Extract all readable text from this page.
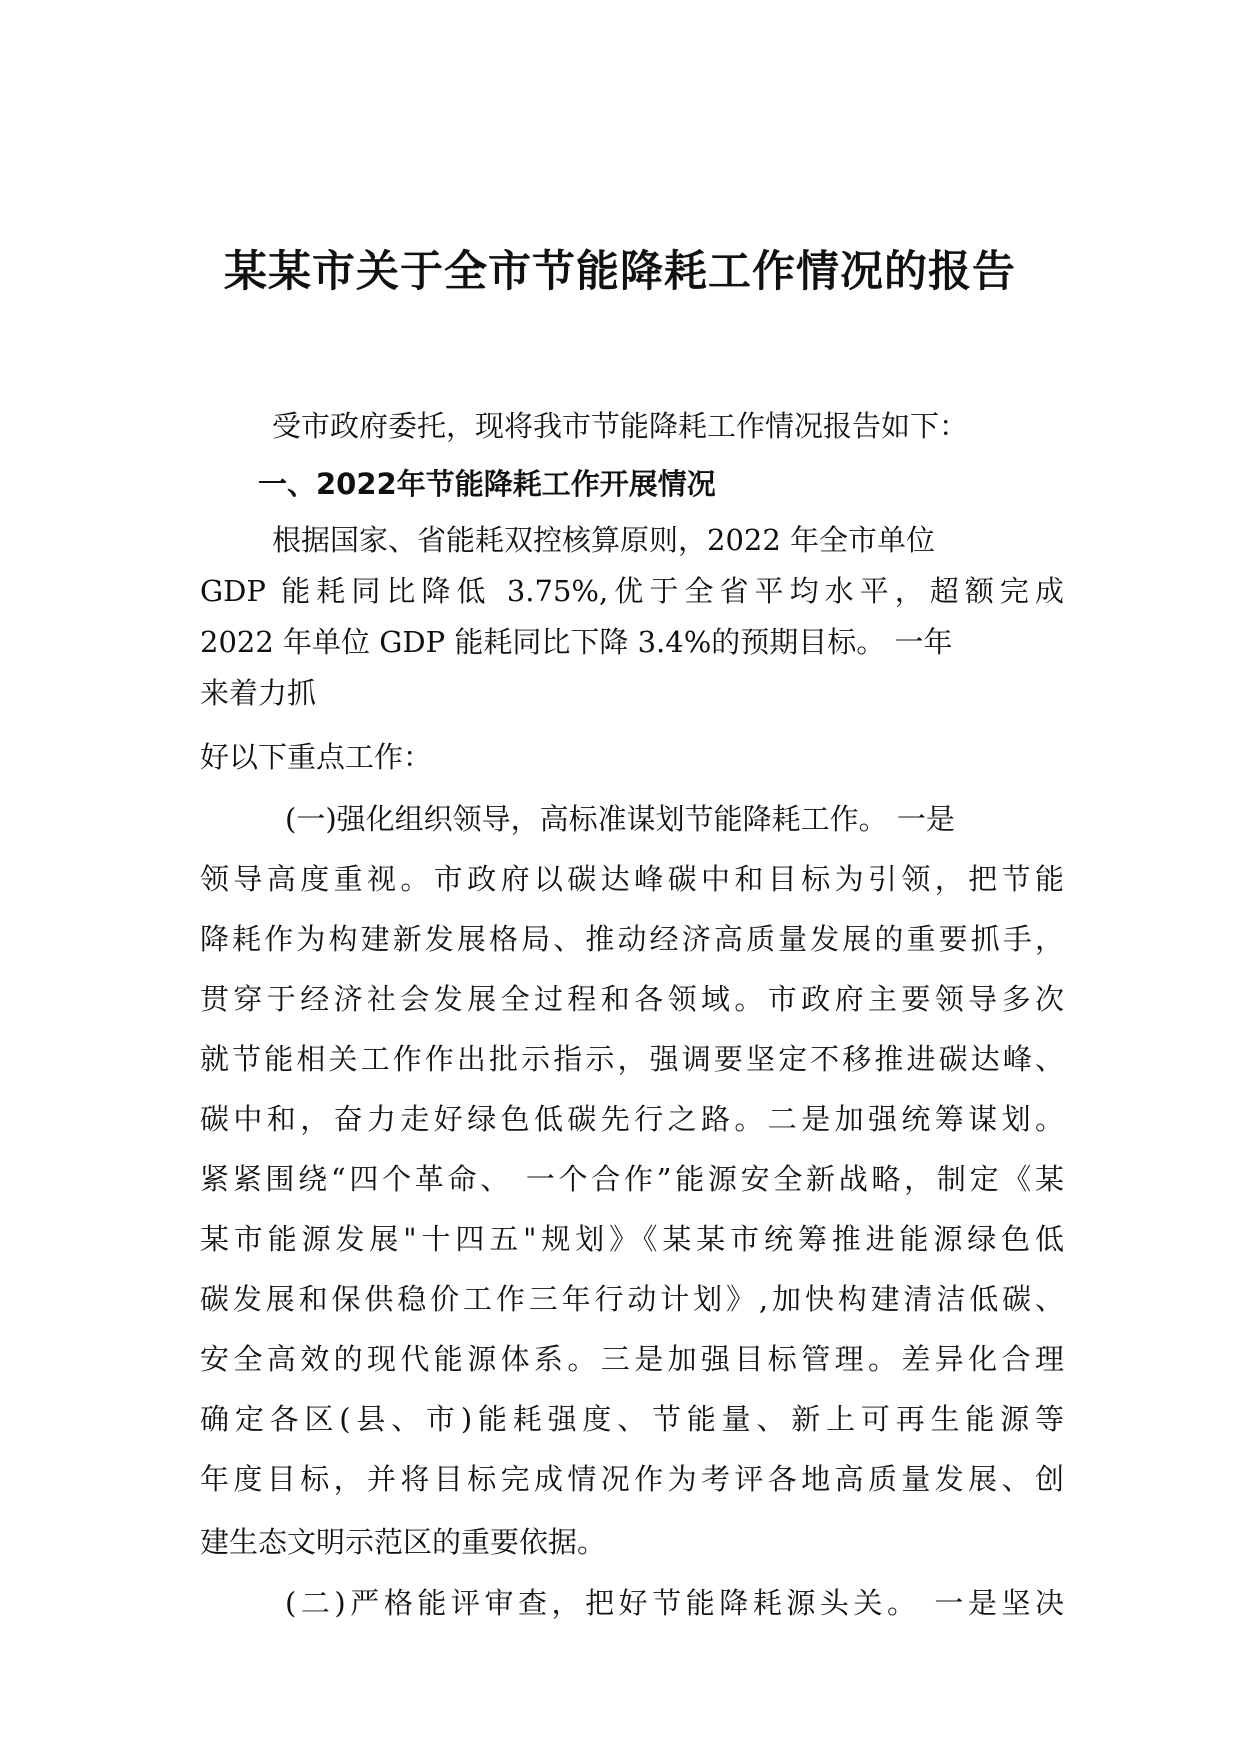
某某市关于全市节能降耗工作情况的报告

受市政府委托，现将我市节能降耗工作情况报告如下：

一、2022年节能降耗工作开展情况

根据国家、省能耗双控核算原则，2022 年全市单位

GDP 能耗同比降低 3.75%,优于全省平均水平，超额完成

2022 年单位 GDP 能耗同比下降 3.4%的预期目标。 一年

来着力抓

好以下重点工作：

(一)强化组织领导，高标准谋划节能降耗工作。 一是

领导高度重视。市政府以碳达峰碳中和目标为引领，把节能

降耗作为构建新发展格局、推动经济高质量发展的重要抓手，

贯穿于经济社会发展全过程和各领域。市政府主要领导多次

就节能相关工作作出批示指示，强调要坚定不移推进碳达峰、

碳中和，奋力走好绿色低碳先行之路。二是加强统筹谋划。

紧紧围绕“四个革命、 一个合作”能源安全新战略，制定《某

某市能源发展"十四五"规划》《某某市统筹推进能源绿色低

碳发展和保供稳价工作三年行动计划》,加快构建清洁低碳、

安全高效的现代能源体系。三是加强目标管理。差异化合理

确定各区(县、市)能耗强度、节能量、新上可再生能源等

年度目标，并将目标完成情况作为考评各地高质量发展、创

建生态文明示范区的重要依据。

(二)严格能评审查，把好节能降耗源头关。 一是坚决
